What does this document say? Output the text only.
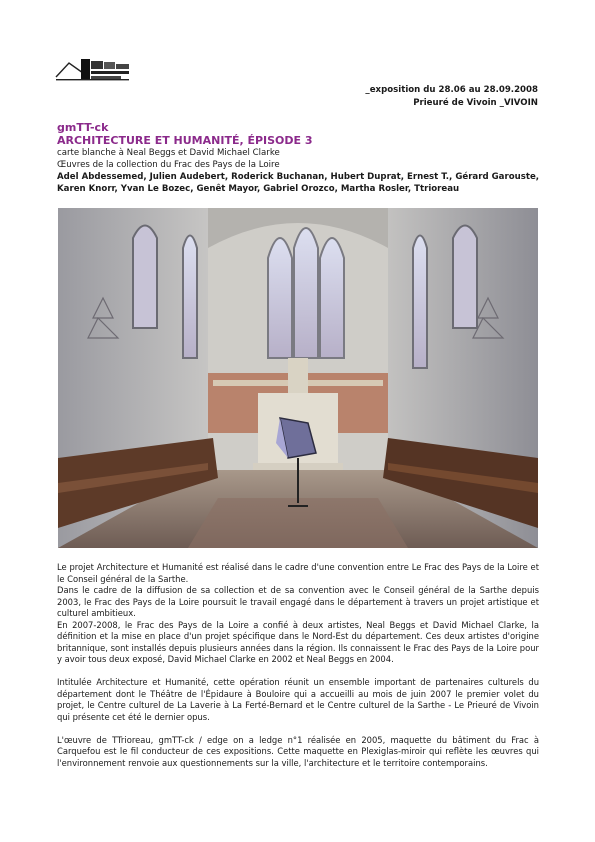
_exposition du 28.06 au 28.09.2008
Prieuré de Vivoin _VIVOIN
gmTT-ck
ARCHITECTURE ET HUMANITÉ, ÉPISODE 3
carte blanche à Neal Beggs et David Michael Clarke
Œuvres de la collection du Frac des Pays de la Loire
Adel Abdessemed, Julien Audebert, Roderick Buchanan, Hubert Duprat, Ernest T., Gérard Garouste,
Karen Knorr, Yvan Le Bozec, Genêt Mayor, Gabriel Orozco, Martha Rosler, Ttrioreau

Le projet Architecture et Humanité est réalisé dans le cadre d'une convention entre Le Frac des Pays de la Loire et le Conseil général de la Sarthe.

Dans le cadre de la diffusion de sa collection et de sa convention avec le Conseil général de la Sarthe depuis 2003, le Frac des Pays de la Loire poursuit le travail engagé dans le département à travers un projet artistique et culturel ambitieux.

En 2007-2008, le Frac des Pays de la Loire a confié à deux artistes, Neal Beggs et David Michael Clarke, la définition et la mise en place d'un projet spécifique dans le Nord-Est du département. Ces deux artistes d'origine britannique, sont installés depuis plusieurs années dans la région. Ils connaissent le Frac des Pays de la Loire pour y avoir tous deux exposé, David Michael Clarke en 2002 et Neal Beggs en 2004.

Intitulée Architecture et Humanité, cette opération réunit un ensemble important de partenaires culturels du département dont le Théâtre de l'Épidaure à Bouloire qui a accueilli au mois de juin 2007 le premier volet du projet, le Centre culturel de La Laverie à La Ferté-Bernard et le Centre culturel de la Sarthe - Le Prieuré de Vivoin qui présente cet été le dernier opus.

L'œuvre de TTrioreau, gmTT-ck / edge on a ledge n°1 réalisée en 2005, maquette du bâtiment du Frac à Carquefou est le fil conducteur de ces expositions. Cette maquette en Plexiglas-miroir qui reflète les œuvres qui l'environnement renvoie aux questionnements sur la ville, l'architecture et le territoire contemporains.
